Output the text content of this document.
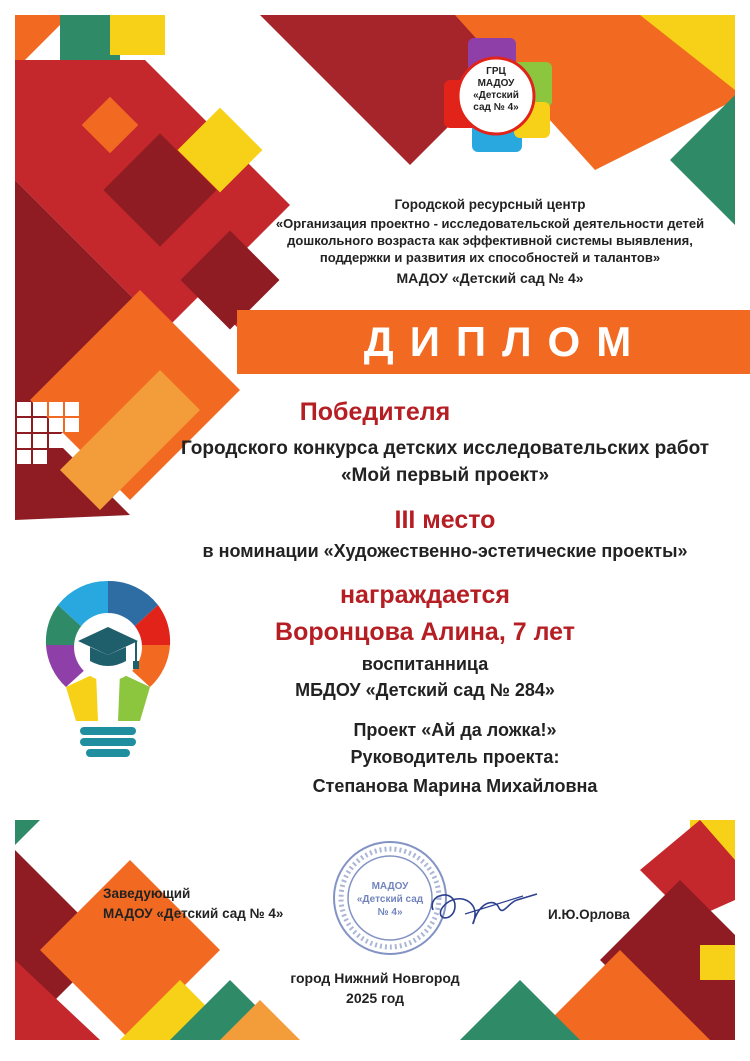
ГРЦ
МАДОУ
«Детский
сад № 4»
Городской ресурсный центр
«Организация проектно - исследовательской деятельности детей
дошкольного возраста как эффективной системы выявления,
поддержки и развития их способностей и талантов»
МАДОУ «Детский сад № 4»
ДИПЛОМ
Победителя
Городского конкурса детских исследовательских работ
«Мой первый проект»
III место
в номинации «Художественно-эстетические проекты»
награждается
Воронцова Алина, 7 лет
воспитанница
МБДОУ «Детский сад № 284»
Проект «Ай да ложка!»
Руководитель проекта:
Степанова Марина Михайловна
Заведующий
МАДОУ «Детский сад № 4»
МАДОУ «Детский сад № 4»	И.Ю.Орлова
город Нижний Новгород
2025 год
